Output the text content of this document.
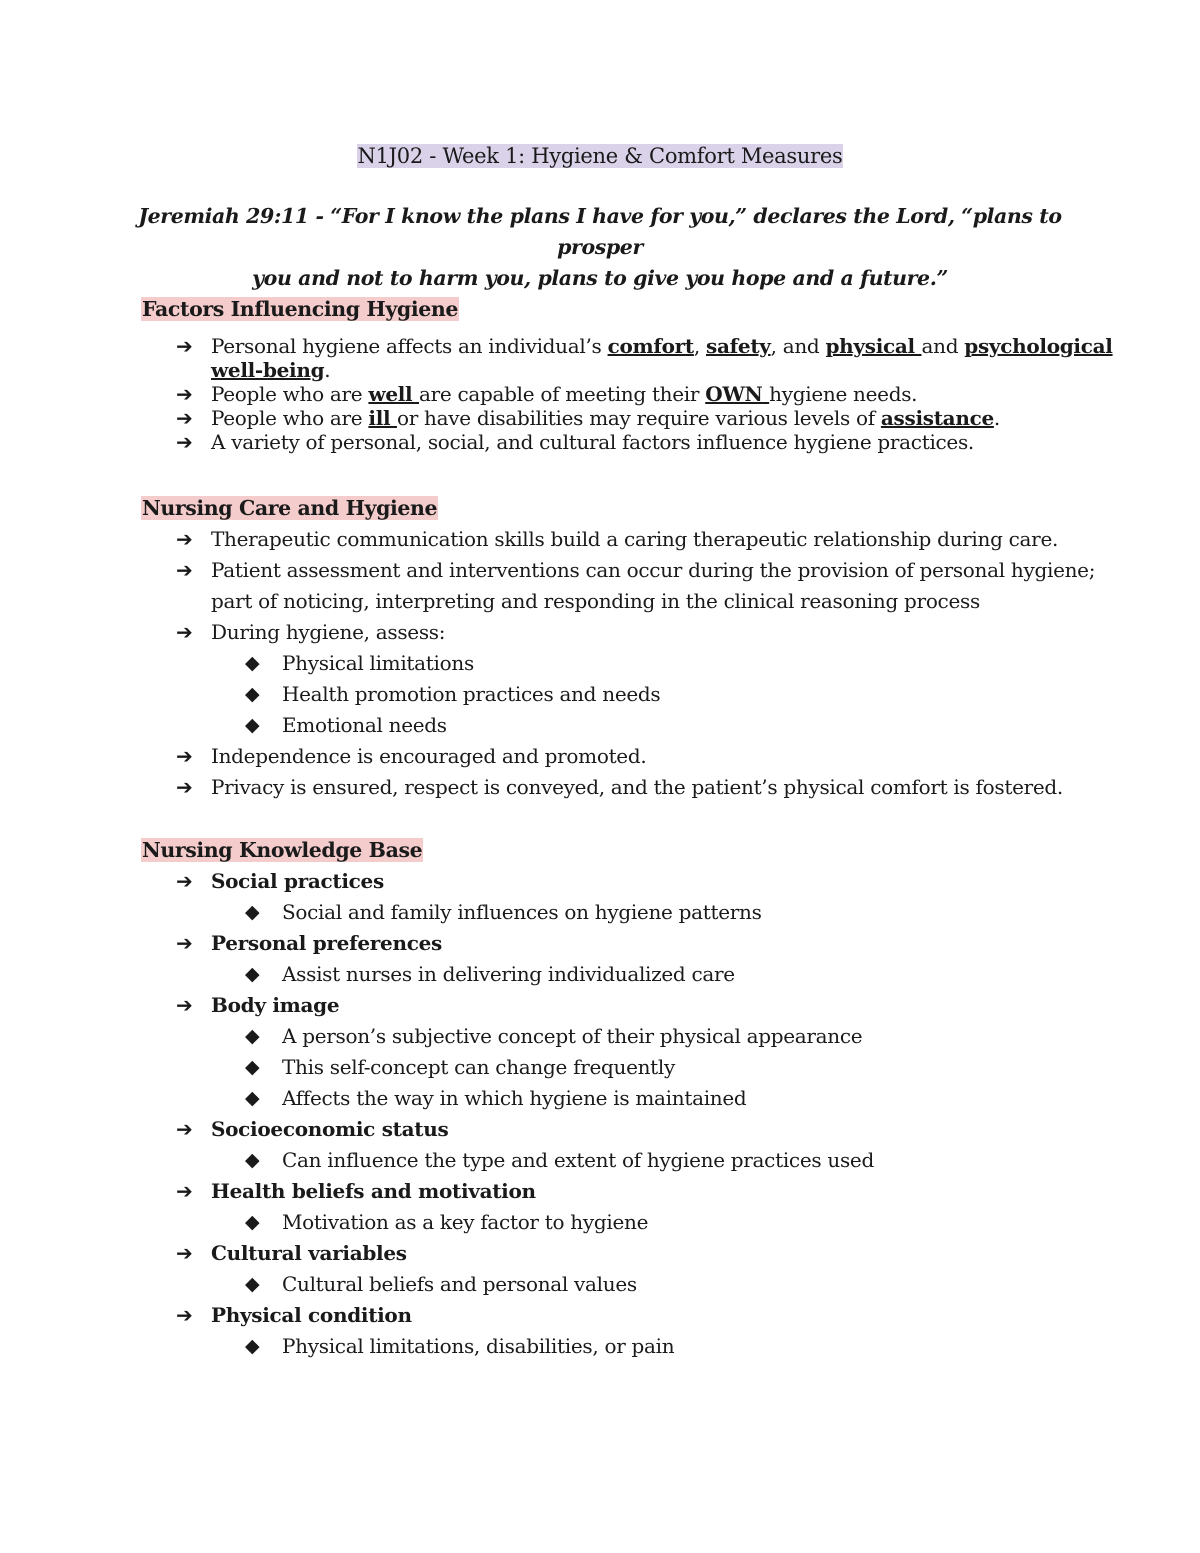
N1J02 - Week 1: Hygiene & Comfort Measures
Jeremiah 29:11 - “For I know the plans I have for you,” declares the Lord, “plans to prosper
you and not to harm you, plans to give you hope and a future.”
Factors Influencing Hygiene
➔ Personal hygiene affects an individual’s comfort, safety, and physical and psychological
well-being.
➔ People who are well are capable of meeting their OWN hygiene needs.
➔ People who are ill or have disabilities may require various levels of assistance.
➔ A variety of personal, social, and cultural factors influence hygiene practices.
Nursing Care and Hygiene
➔ Therapeutic communication skills build a caring therapeutic relationship during care.
➔ Patient assessment and interventions can occur during the provision of personal hygiene;
part of noticing, interpreting and responding in the clinical reasoning process
➔ During hygiene, assess:
◆ Physical limitations
◆ Health promotion practices and needs
◆ Emotional needs
➔ Independence is encouraged and promoted.
➔ Privacy is ensured, respect is conveyed, and the patient’s physical comfort is fostered.
Nursing Knowledge Base
➔ Social practices
◆ Social and family influences on hygiene patterns
➔ Personal preferences
◆ Assist nurses in delivering individualized care
➔ Body image
◆ A person’s subjective concept of their physical appearance
◆ This self-concept can change frequently
◆ Affects the way in which hygiene is maintained
➔ Socioeconomic status
◆ Can influence the type and extent of hygiene practices used
➔ Health beliefs and motivation
◆ Motivation as a key factor to hygiene
➔ Cultural variables
◆ Cultural beliefs and personal values
➔ Physical condition
◆ Physical limitations, disabilities, or pain
